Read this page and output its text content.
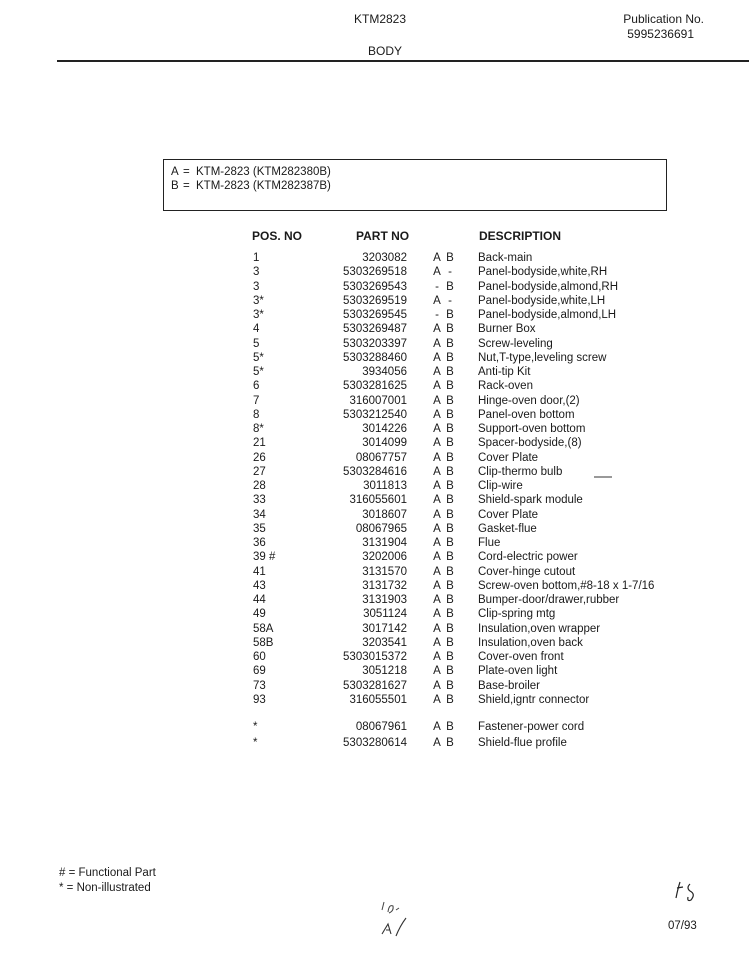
KTM2823
BODY
Publication No.
5995236691
A = KTM-2823 (KTM282380B)
B = KTM-2823 (KTM282387B)
POS. NO	PART NO	DESCRIPTION
1	3203082 A B Back-main
3	5303269518 A - Panel-bodyside,white,RH
3	5303269543 - B Panel-bodyside,almond,RH
3*	5303269519 A - Panel-bodyside,white,LH
3*	5303269545 - B Panel-bodyside,almond,LH
4	5303269487 A B Burner Box
5	5303203397 A B Screw-leveling
5*	5303288460 A B Nut,T-type,leveling screw
5*	3934056 A B Anti-tip Kit
6	5303281625 A B Rack-oven
7	316007001 A B Hinge-oven door,(2)
8	5303212540 A B Panel-oven bottom
8*	3014226 A B Support-oven bottom
21	3014099 A B Spacer-bodyside,(8)
26	08067757 A B Cover Plate
27	5303284616 A B Clip-thermo bulb
28	3011813 A B Clip-wire
33	316055601 A B Shield-spark module
34	3018607 A B Cover Plate
35	08067965 A B Gasket-flue
36	3131904 A B Flue
39 #	3202006 A B Cord-electric power
41	3131570 A B Cover-hinge cutout
43	3131732 A B Screw-oven bottom,#8-18 x 1-7/16
44	3131903 A B Bumper-door/drawer,rubber
49	3051124 A B Clip-spring mtg
58A	3017142 A B Insulation,oven wrapper
58B	3203541 A B Insulation,oven back
60	5303015372 A B Cover-oven front
69	3051218 A B Plate-oven light
73	5303281627 A B Base-broiler
93	316055501 A B Shield,igntr connector
*	08067961 A B Fastener-power cord
*	5303280614 A B Shield-flue profile
# = Functional Part
* = Non-illustrated
07/93
